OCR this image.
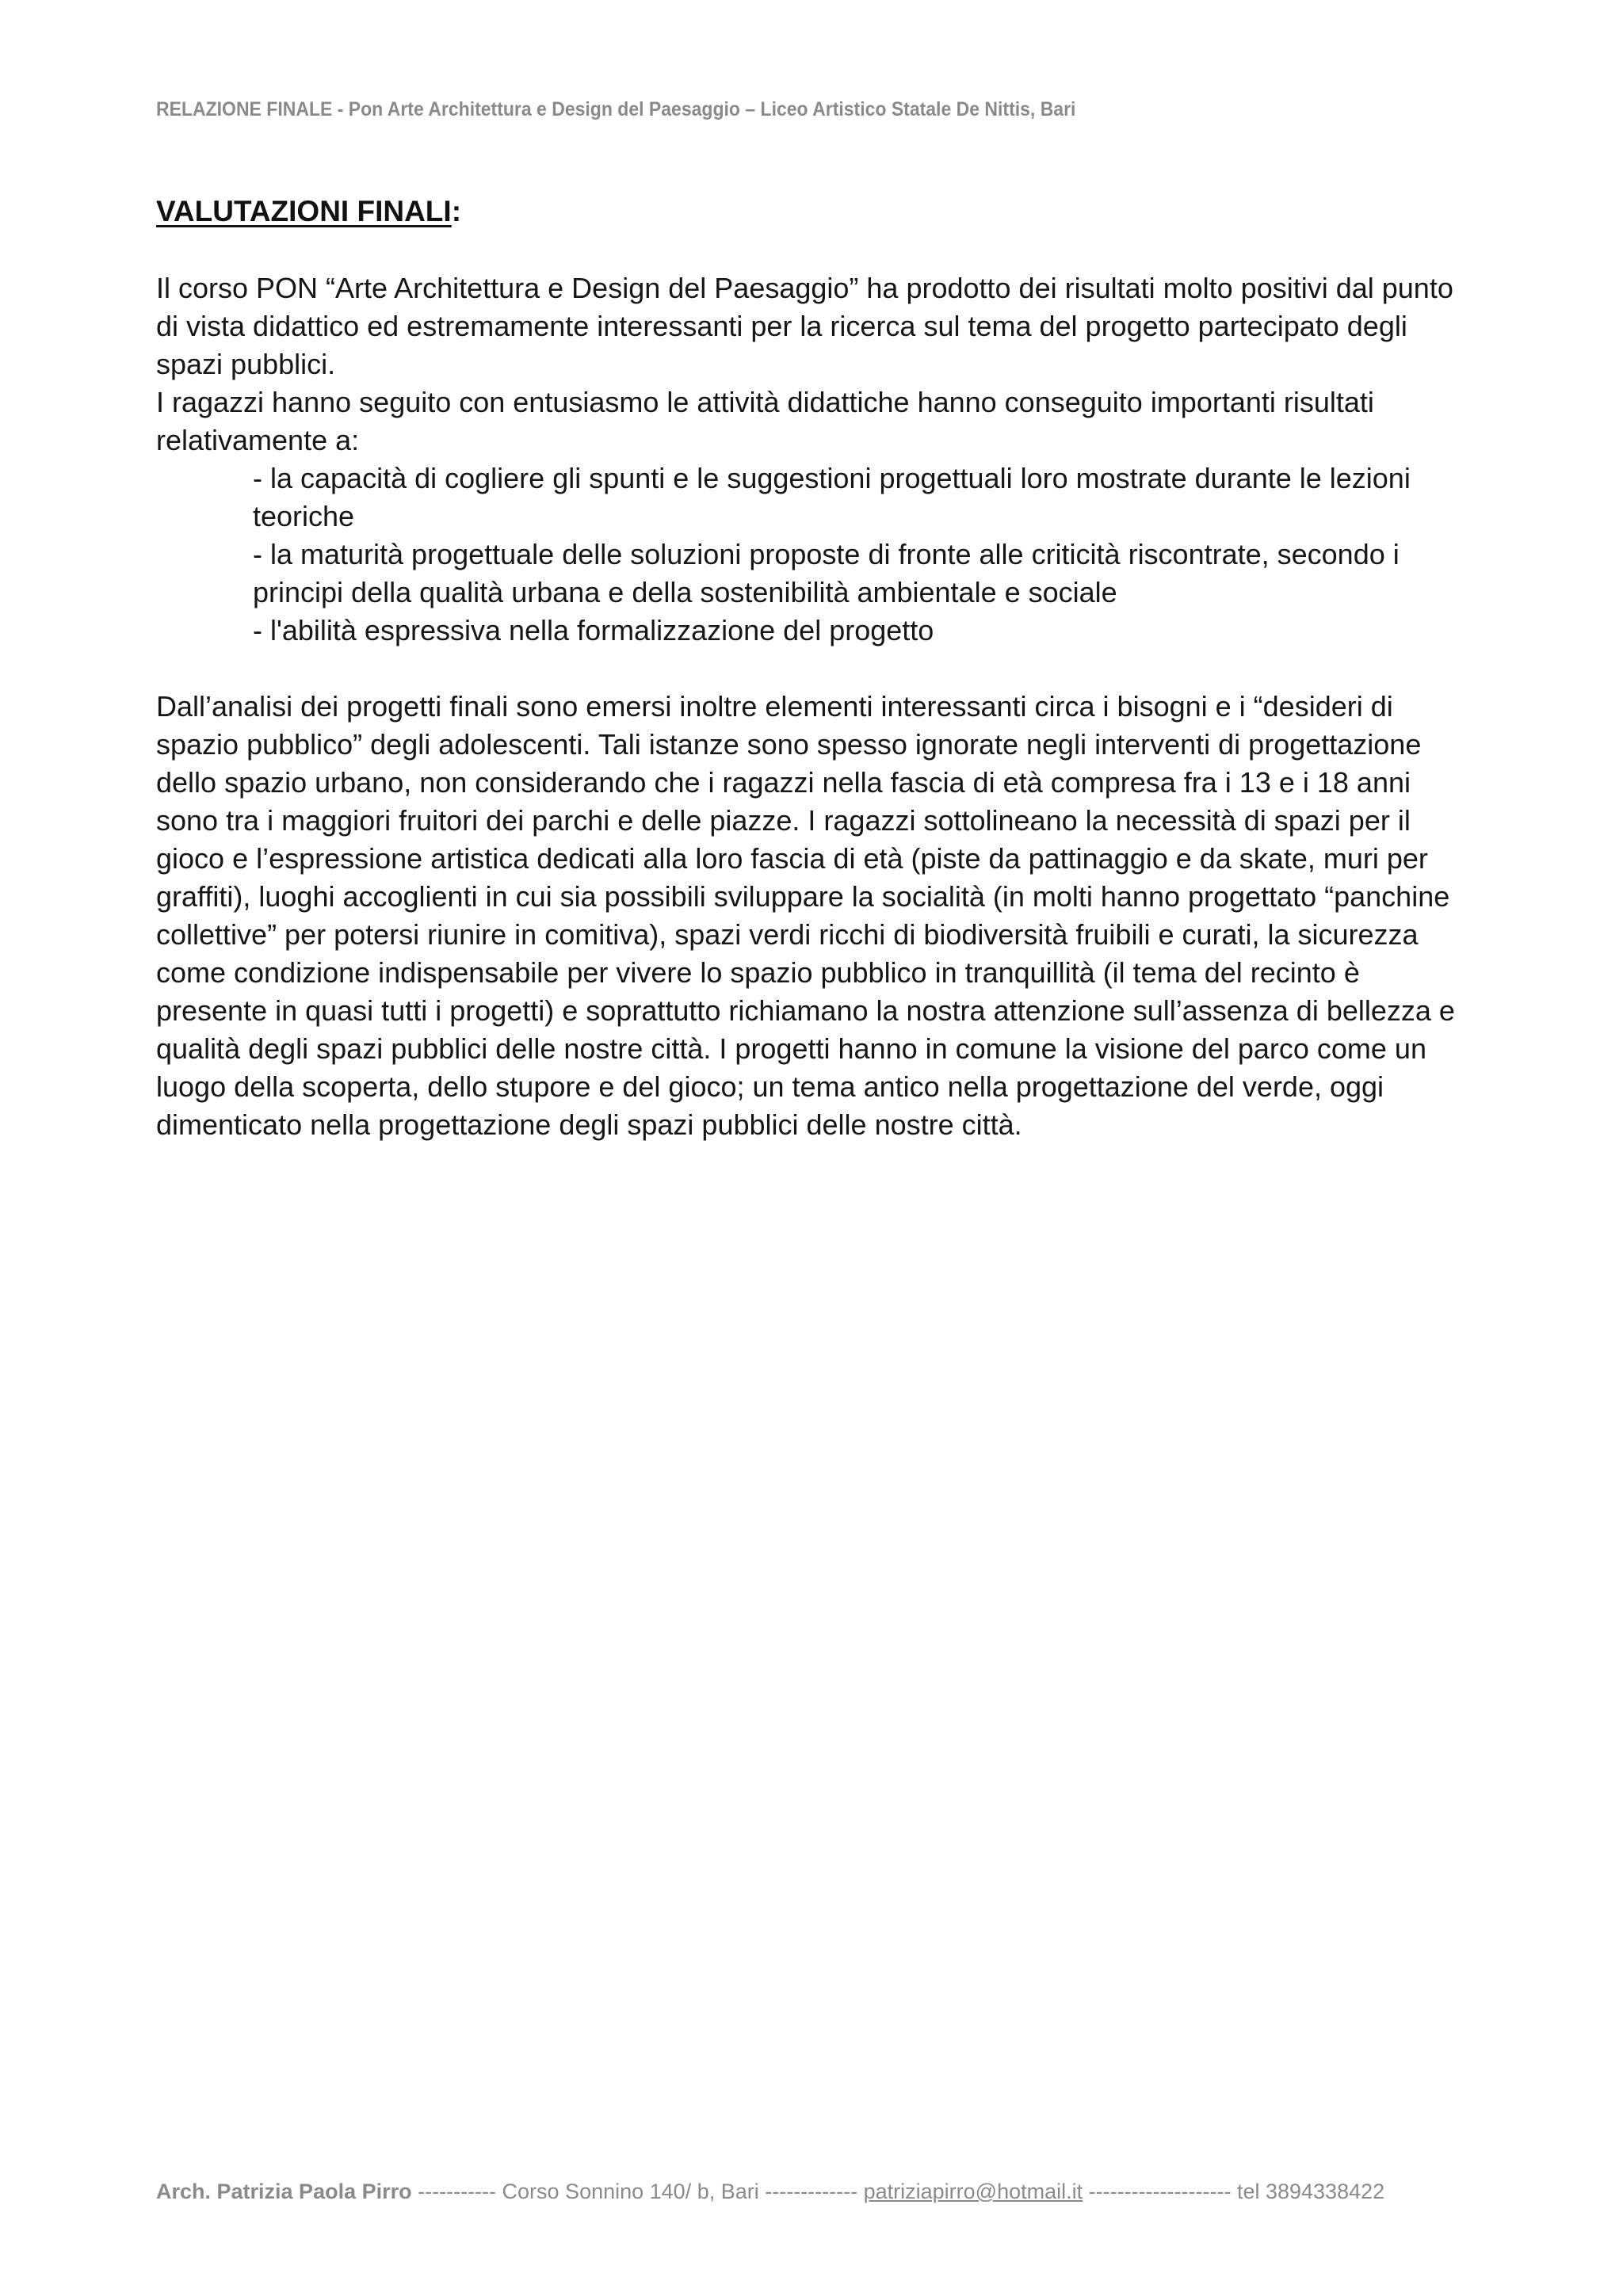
RELAZIONE FINALE - Pon Arte Architettura e Design del Paesaggio – Liceo Artistico Statale De Nittis, Bari
VALUTAZIONI FINALI:

Il corso PON “Arte Architettura e Design del Paesaggio” ha prodotto dei risultati molto positivi dal punto di vista didattico ed estremamente interessanti per la ricerca sul tema del progetto partecipato degli spazi pubblici.

I ragazzi hanno seguito con entusiasmo le attività didattiche hanno conseguito importanti risultati relativamente a:

- la capacità di cogliere gli spunti e le suggestioni progettuali loro mostrate durante le lezioni teoriche
- la maturità progettuale delle soluzioni proposte di fronte alle criticità riscontrate, secondo i principi della qualità urbana e della sostenibilità ambientale e sociale
- l'abilità espressiva nella formalizzazione del progetto

Dall’analisi dei progetti finali sono emersi inoltre elementi interessanti circa i bisogni e i “desideri di spazio pubblico” degli adolescenti. Tali istanze sono spesso ignorate negli interventi di progettazione dello spazio urbano, non considerando che i ragazzi nella fascia di età compresa fra i 13 e i 18 anni sono tra i maggiori fruitori dei parchi e delle piazze. I ragazzi sottolineano la necessità di spazi per il gioco e l’espressione artistica dedicati alla loro fascia di età (piste da pattinaggio e da skate, muri per graffiti), luoghi accoglienti in cui sia possibili sviluppare la socialità (in molti hanno progettato “panchine collettive” per potersi riunire in comitiva), spazi verdi ricchi di biodiversità fruibili e curati, la sicurezza come condizione indispensabile per vivere lo spazio pubblico in tranquillità (il tema del recinto è presente in quasi tutti i progetti) e soprattutto richiamano la nostra attenzione sull’assenza di bellezza e qualità degli spazi pubblici delle nostre città. I progetti hanno in comune la visione del parco come un luogo della scoperta, dello stupore e del gioco; un tema antico nella progettazione del verde, oggi dimenticato nella progettazione degli spazi pubblici delle nostre città.

Arch. Patrizia Paola Pirro ----------- Corso Sonnino 140/ b, Bari ------------- patriziapirro@hotmail.it -------------------- tel 3894338422
